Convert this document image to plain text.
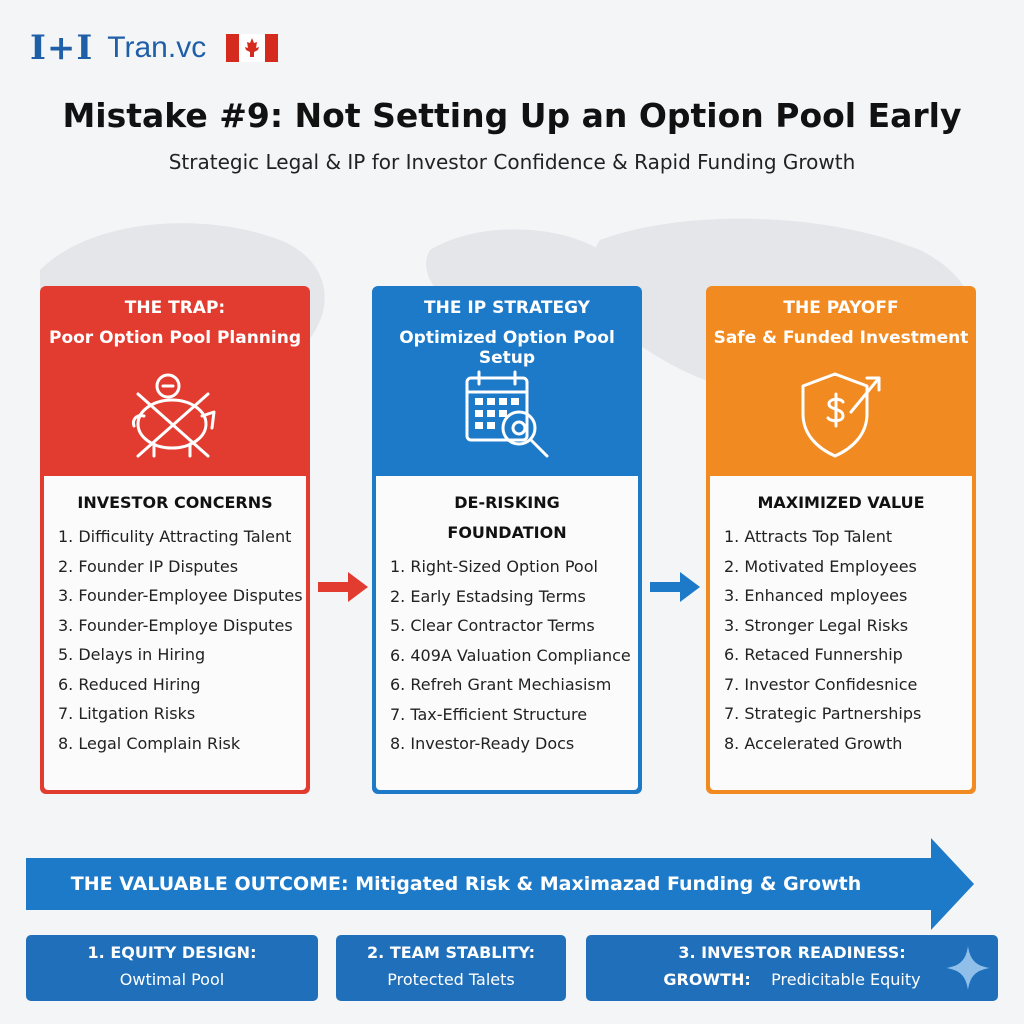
I+I Tran.vc
Mistake #9: Not Setting Up an Option Pool Early
Strategic Legal & IP for Investor Confidence & Rapid Funding Growth
THE TRAP:
Poor Option Pool Planning
INVESTOR CONCERNS
1. Difficulity Attracting Talent
2. Founder IP Disputes
3. Founder-Employee Disputes
3. Founder-Employe Disputes
5. Delays in Hiring
6. Reduced Hiring
7. Litgation Risks
8. Legal Complain Risk
THE IP STRATEGY
Optimized Option Pool Setup
DE-RISKING FOUNDATION
1. Right-Sized Option Pool
2. Early Estadsing Terms
5. Clear Contractor Terms
6. 409A Valuation Compliance
6. Refreh Grant Mechiasism
7. Tax-Efficient Structure
8. Investor-Ready Docs
THE PAYOFF
Safe & Funded Investment
MAXIMIZED VALUE
1. Attracts Top Talent
2. Motivated Employees
3. Enhanced  mployees
3. Stronger Legal Risks
6. Retaced Funnership
7. Investor Confidesnice
7. Strategic Partnerships
8. Accelerated Growth
THE VALUABLE OUTCOME: Mitigated Risk & Maximazad Funding & Growth
1. EQUITY DESIGN:
Owtimal Pool
2. TEAM STABLITY:
Protected Talets
3. INVESTOR READINESS:
GROWTH: Predicitable Equity
